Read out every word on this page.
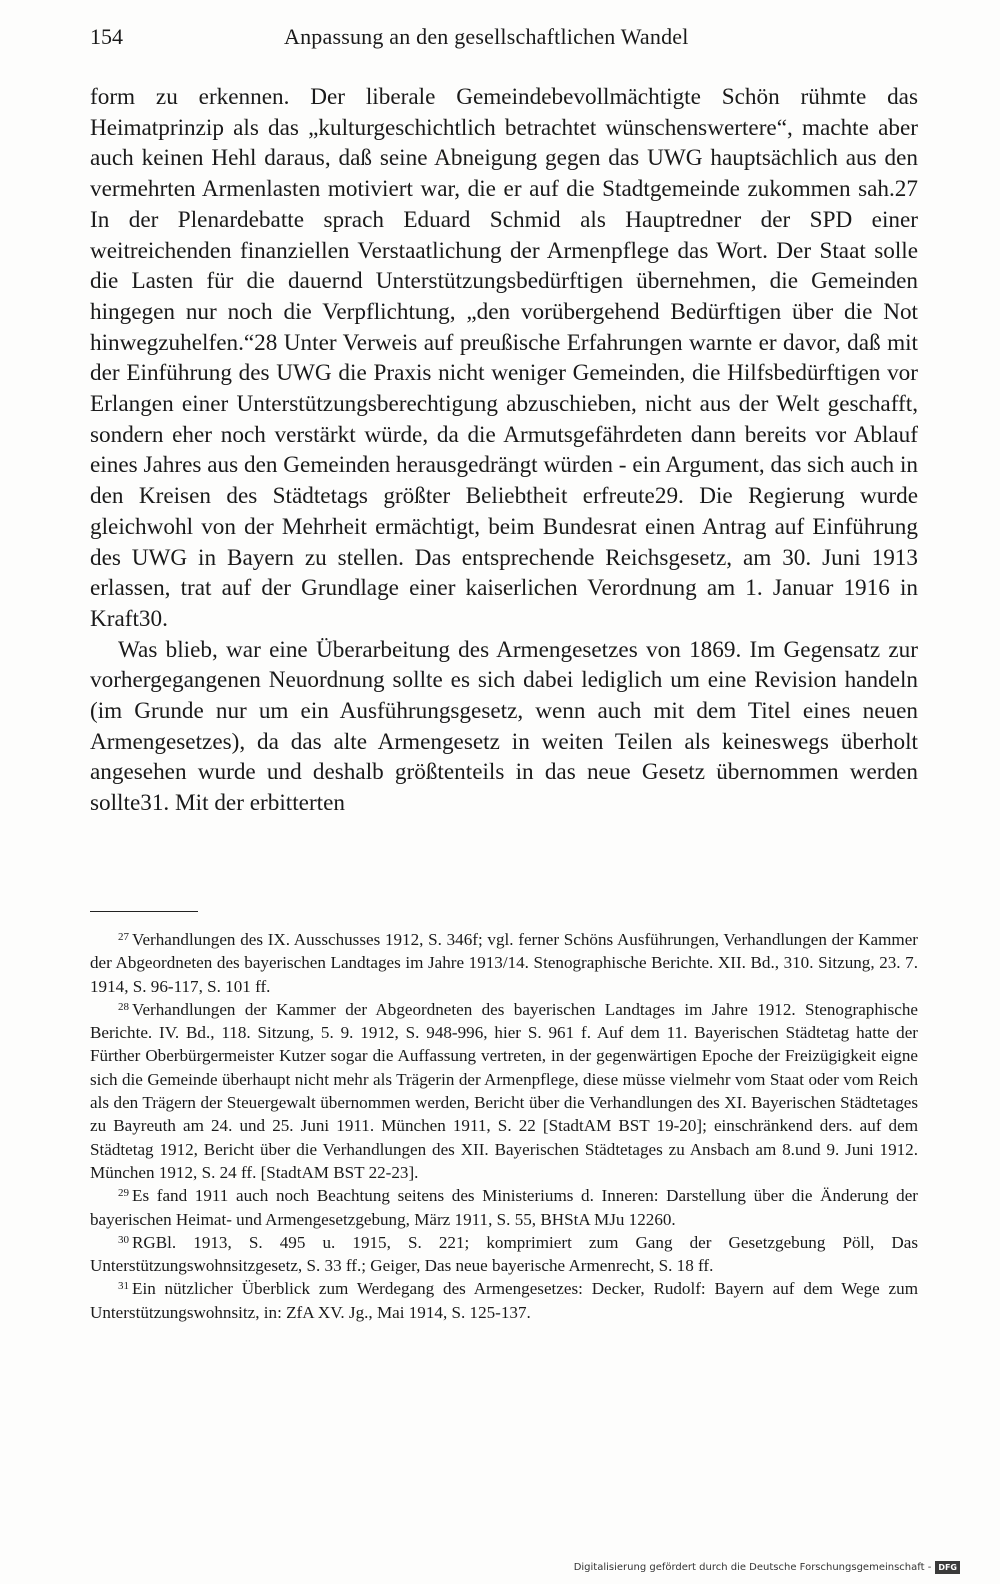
154	Anpassung an den gesellschaftlichen Wandel

form zu erkennen. Der liberale Gemeindebevollmächtigte Schön rühmte das Heimatprinzip als das „kulturgeschichtlich betrachtet wünschenswertere“, machte aber auch keinen Hehl daraus, daß seine Abneigung gegen das UWG hauptsächlich aus den vermehrten Armenlasten motiviert war, die er auf die Stadtgemeinde zukommen sah.27 In der Plenardebatte sprach Eduard Schmid als Hauptredner der SPD einer weitreichenden finanziellen Verstaatlichung der Armenpflege das Wort. Der Staat solle die Lasten für die dauernd Unterstützungsbedürftigen übernehmen, die Gemeinden hingegen nur noch die Verpflichtung, „den vorübergehend Bedürftigen über die Not hinwegzuhelfen.“28 Unter Verweis auf preußische Erfahrungen warnte er davor, daß mit der Einführung des UWG die Praxis nicht weniger Gemeinden, die Hilfsbedürftigen vor Erlangen einer Unterstützungsberechtigung abzuschieben, nicht aus der Welt geschafft, sondern eher noch verstärkt würde, da die Armutsgefährdeten dann bereits vor Ablauf eines Jahres aus den Gemeinden herausgedrängt würden - ein Argument, das sich auch in den Kreisen des Städtetags größter Beliebtheit erfreute29. Die Regierung wurde gleichwohl von der Mehrheit ermächtigt, beim Bundesrat einen Antrag auf Einführung des UWG in Bayern zu stellen. Das entsprechende Reichsgesetz, am 30. Juni 1913 erlassen, trat auf der Grundlage einer kaiserlichen Verordnung am 1. Januar 1916 in Kraft30.

Was blieb, war eine Überarbeitung des Armengesetzes von 1869. Im Gegensatz zur vorhergegangenen Neuordnung sollte es sich dabei lediglich um eine Revision handeln (im Grunde nur um ein Ausführungsgesetz, wenn auch mit dem Titel eines neuen Armengesetzes), da das alte Armengesetz in weiten Teilen als keineswegs überholt angesehen wurde und deshalb größtenteils in das neue Gesetz übernommen werden sollte31. Mit der erbitterten

$^{27}$ Verhandlungen des IX. Ausschusses 1912, S. 346f; vgl. ferner Schöns Ausführungen, Verhandlungen der Kammer der Abgeordneten des bayerischen Landtages im Jahre 1913/14. Stenographische Berichte. XII. Bd., 310. Sitzung, 23. 7. 1914, S. 96-117, S. 101 ff.

$^{28}$ Verhandlungen der Kammer der Abgeordneten des bayerischen Landtages im Jahre 1912. Stenographische Berichte. IV. Bd., 118. Sitzung, 5. 9. 1912, S. 948-996, hier S. 961 f. Auf dem 11. Bayerischen Städtetag hatte der Fürther Oberbürgermeister Kutzer sogar die Auffassung vertreten, in der gegenwärtigen Epoche der Freizügigkeit eigne sich die Gemeinde überhaupt nicht mehr als Trägerin der Armenpflege, diese müsse vielmehr vom Staat oder vom Reich als den Trägern der Steuergewalt übernommen werden, Bericht über die Verhandlungen des XI. Bayerischen Städtetages zu Bayreuth am 24. und 25. Juni 1911. München 1911, S. 22 [StadtAM BST 19-20]; einschränkend ders. auf dem Städtetag 1912, Bericht über die Verhandlungen des XII. Bayerischen Städtetages zu Ansbach am 8.und 9. Juni 1912. München 1912, S. 24 ff. [StadtAM BST 22-23].

$^{29}$ Es fand 1911 auch noch Beachtung seitens des Ministeriums d. Inneren: Darstellung über die Änderung der bayerischen Heimat- und Armengesetzgebung, März 1911, S. 55, BHStA MJu 12260.

$^{30}$ RGBl. 1913, S. 495 u. 1915, S. 221; komprimiert zum Gang der Gesetzgebung Pöll, Das Unterstützungswohnsitzgesetz, S. 33 ff.; Geiger, Das neue bayerische Armenrecht, S. 18 ff.

$^{31}$ Ein nützlicher Überblick zum Werdegang des Armengesetzes: Decker, Rudolf: Bayern auf dem Wege zum Unterstützungswohnsitz, in: ZfA XV. Jg., Mai 1914, S. 125-137.

Digitalisierung gefördert durch die Deutsche Forschungsgemeinschaft - DFG
